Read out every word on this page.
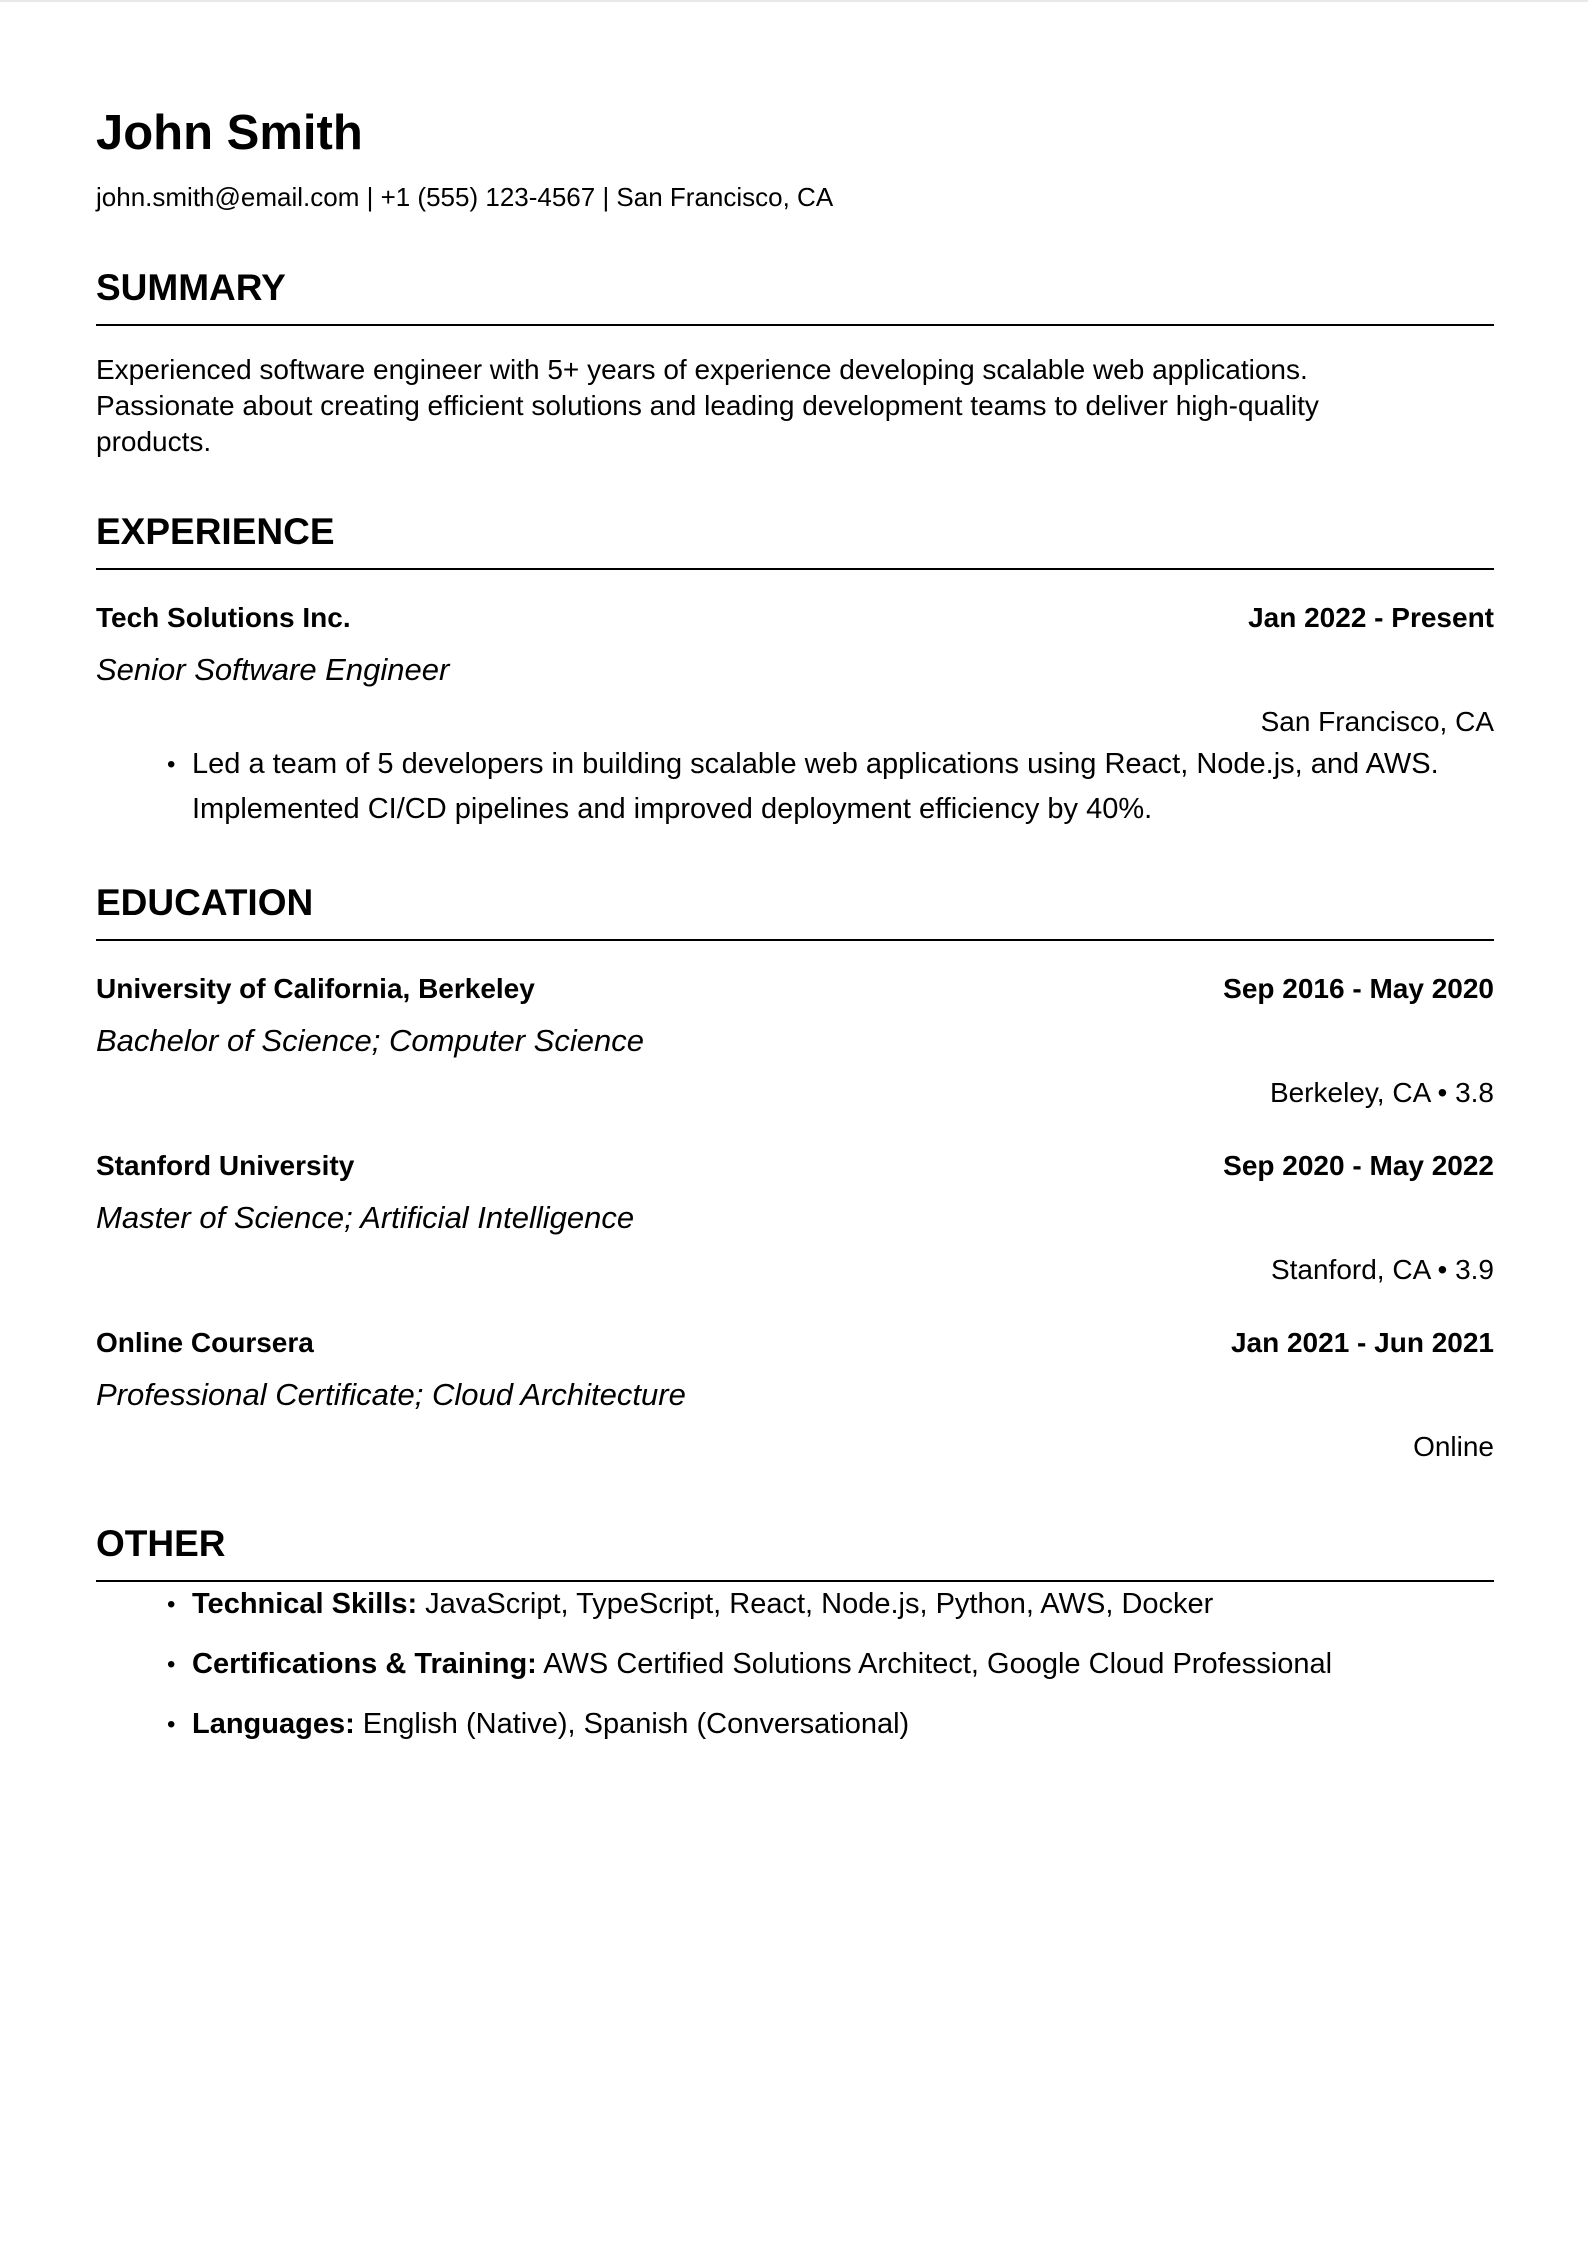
John Smith
john.smith@email.com | +1 (555) 123-4567 | San Francisco, CA
SUMMARY
Experienced software engineer with 5+ years of experience developing scalable web applications. Passionate about creating efficient solutions and leading development teams to deliver high-quality products.
EXPERIENCE
Tech Solutions Inc.	Jan 2022 - Present
Senior Software Engineer
San Francisco, CA
• Led a team of 5 developers in building scalable web applications using React, Node.js, and AWS. Implemented CI/CD pipelines and improved deployment efficiency by 40%.
EDUCATION
University of California, Berkeley	Sep 2016 - May 2020
Bachelor of Science; Computer Science
Berkeley, CA • 3.8
Stanford University	Sep 2020 - May 2022
Master of Science; Artificial Intelligence
Stanford, CA • 3.9
Online Coursera	Jan 2021 - Jun 2021
Professional Certificate; Cloud Architecture
Online
OTHER
• Technical Skills: JavaScript, TypeScript, React, Node.js, Python, AWS, Docker
• Certifications & Training: AWS Certified Solutions Architect, Google Cloud Professional
• Languages: English (Native), Spanish (Conversational)
